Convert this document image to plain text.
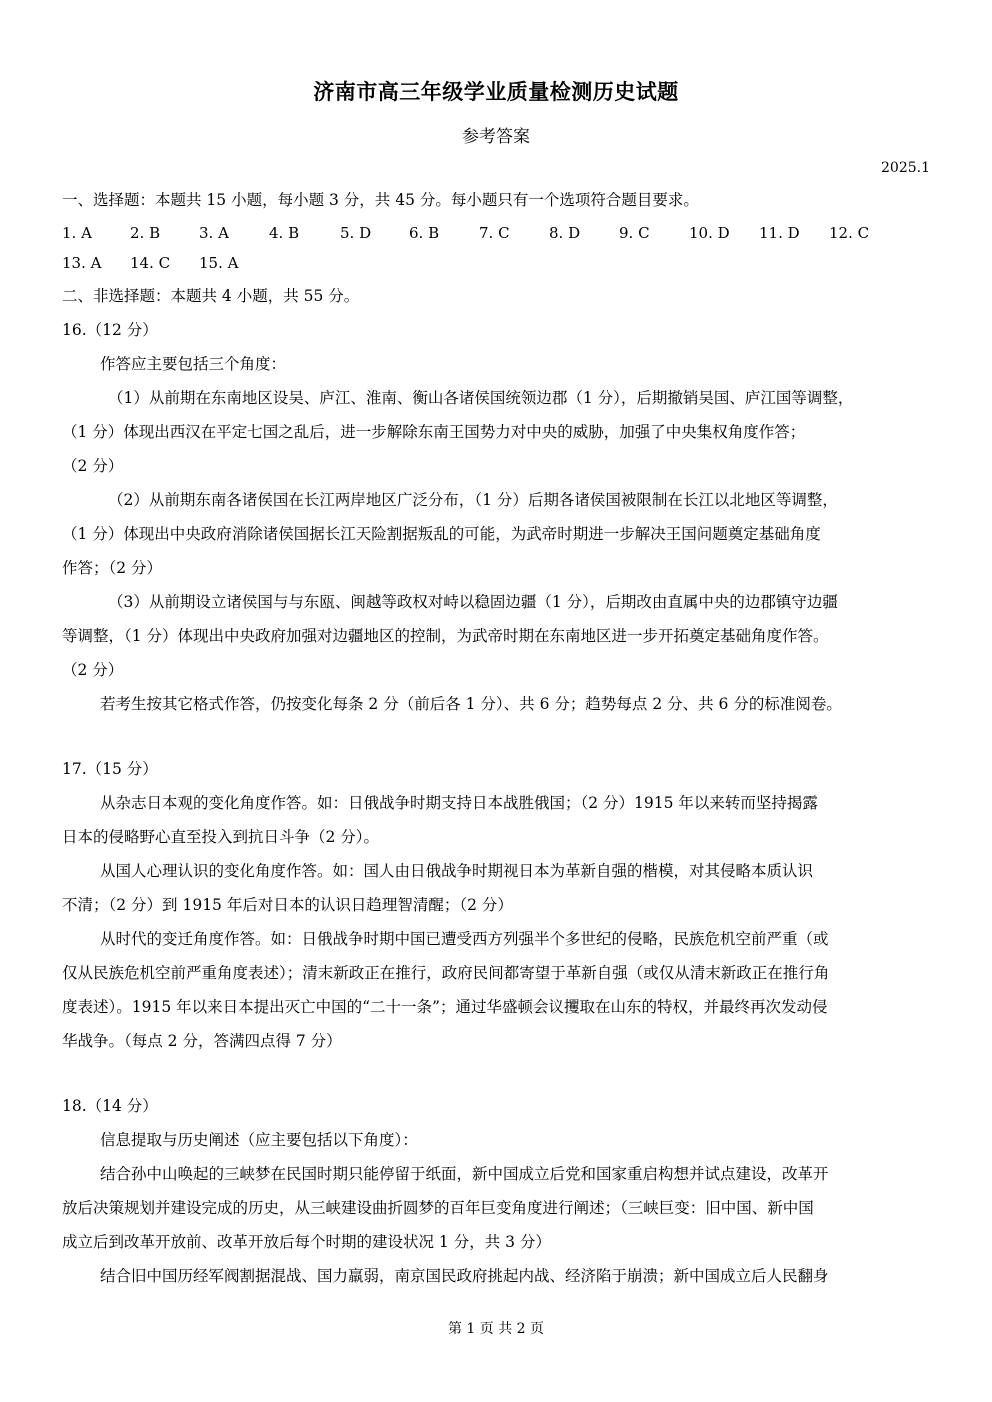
济南市高三年级学业质量检测历史试题
参考答案
2025.1
一、选择题：本题共 15 小题，每小题 3 分，共 45 分。每小题只有一个选项符合题目要求。
1. A	2. B	3. A	4. B	5. D	6. B	7. C	8. D	9. C	10. D 11. D 12. C
13. A 14. C 15. A
二、非选择题：本题共 4 小题，共 55 分。
16.（12 分）
作答应主要包括三个角度：
（1）从前期在东南地区设吴、庐江、淮南、衡山各诸侯国统领边郡（1 分），后期撤销吴国、庐江国等调整，
（1 分）体现出西汉在平定七国之乱后，进一步解除东南王国势力对中央的威胁，加强了中央集权角度作答；
（2 分）
（2）从前期东南各诸侯国在长江两岸地区广泛分布，（1 分）后期各诸侯国被限制在长江以北地区等调整，
（1 分）体现出中央政府消除诸侯国据长江天险割据叛乱的可能，为武帝时期进一步解决王国问题奠定基础角度
作答；（2 分）
（3）从前期设立诸侯国与与东瓯、闽越等政权对峙以稳固边疆（1 分），后期改由直属中央的边郡镇守边疆
等调整，（1 分）体现出中央政府加强对边疆地区的控制，为武帝时期在东南地区进一步开拓奠定基础角度作答。
（2 分）
若考生按其它格式作答，仍按变化每条 2 分（前后各 1 分）、共 6 分；趋势每点 2 分、共 6 分的标准阅卷。
17.（15 分）
从杂志日本观的变化角度作答。如：日俄战争时期支持日本战胜俄国；（2 分）1915 年以来转而坚持揭露
日本的侵略野心直至投入到抗日斗争（2 分）。
从国人心理认识的变化角度作答。如：国人由日俄战争时期视日本为革新自强的楷模，对其侵略本质认识
不清；（2 分）到 1915 年后对日本的认识日趋理智清醒；（2 分）
从时代的变迁角度作答。如：日俄战争时期中国已遭受西方列强半个多世纪的侵略，民族危机空前严重（或
仅从民族危机空前严重角度表述）；清末新政正在推行，政府民间都寄望于革新自强（或仅从清末新政正在推行角
度表述）。1915 年以来日本提出灭亡中国的“二十一条”；通过华盛顿会议攫取在山东的特权，并最终再次发动侵
华战争。（每点 2 分，答满四点得 7 分）
18.（14 分）
信息提取与历史阐述（应主要包括以下角度）：
结合孙中山唤起的三峡梦在民国时期只能停留于纸面，新中国成立后党和国家重启构想并试点建设，改革开
放后决策规划并建设完成的历史，从三峡建设曲折圆梦的百年巨变角度进行阐述；（三峡巨变：旧中国、新中国
成立后到改革开放前、改革开放后每个时期的建设状况 1 分，共 3 分）
结合旧中国历经军阀割据混战、国力羸弱，南京国民政府挑起内战、经济陷于崩溃；新中国成立后人民翻身
第 1 页 共 2 页
